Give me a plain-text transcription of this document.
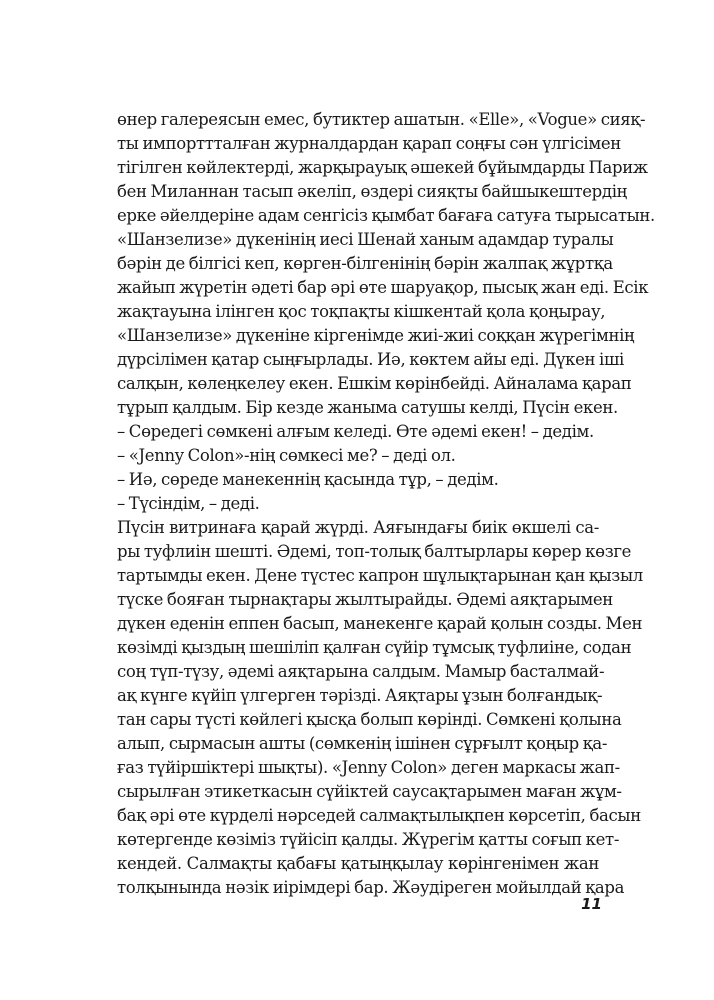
өнер галереясын емес, бутиктер ашатын. «Elle», «Vogue» сияқ-
ты импорттталған журналдардан қарап соңғы сән үлгісімен
тігілген көйлектерді, жарқырауық әшекей бұйымдарды Париж
бен Миланнан тасып әкеліп, өздері сияқты байшыкештердің
ерке әйелдеріне адам сенгісіз қымбат бағаға сатуға тырысатын.
«Шанзелизе» дүкенінің иесі Шенай ханым адамдар туралы
бәрін де білгісі кеп, көрген-білгенінің бәрін жалпақ жұртқа
жайып жүретін әдеті бар әрі өте шаруақор, пысық жан еді. Есік
жақтауына ілінген қос тоқпақты кішкентай қола қоңырау,
«Шанзелизе» дүкеніне кіргенімде жиі-жиі соққан жүрегімнің
дүрсілімен қатар сыңғырлады. Иә, көктем айы еді. Дүкен іші
салқын, көлеңкелеу екен. Ешкім көрінбейді. Айналама қарап
тұрып қалдым. Бір кезде жаныма сатушы келді, Пүсін екен.
– Сөредегі сөмкені алғым келеді. Өте әдемі екен! – дедім.
– «Jenny Colon»-нің сөмкесі ме? – деді ол.
– Иә, сөреде манекеннің қасында тұр, – дедім.
– Түсіндім, – деді.
Пүсін витринаға қарай жүрді. Аяғындағы биік өкшелі са-
ры туфлиін шешті. Әдемі, топ-толық балтырлары көрер көзге
тартымды екен. Дене түстес капрон шұлықтарынан қан қызыл
түске бояған тырнақтары жылтырайды. Әдемі аяқтарымен
дүкен еденін еппен басып, манекенге қарай қолын созды. Мен
көзімді қыздың шешіліп қалған сүйір тұмсық туфлиіне, содан
соң түп-түзу, әдемі аяқтарына салдым. Мамыр басталмай-
ақ күнге күйіп үлгерген тәрізді. Аяқтары ұзын болғандық-
тан сары түсті көйлегі қысқа болып көрінді. Сөмкені қолына
алып, сырмасын ашты (сөмкенің ішінен сұрғылт қоңыр қа-
ғаз түйіршіктері шықты). «Jenny Colon» деген маркасы жап-
сырылған этикеткасын сүйіктей саусақтарымен маған жұм-
бақ әрі өте күрделі нәрседей салмақтылықпен көрсетіп, басын
көтергенде көзіміз түйісіп қалды. Жүрегім қатты соғып кет-
кендей. Салмақты қабағы қатыңқылау көрінгенімен жан
толқынында нәзік иірімдері бар. Жәудіреген мойылдай қара
11
